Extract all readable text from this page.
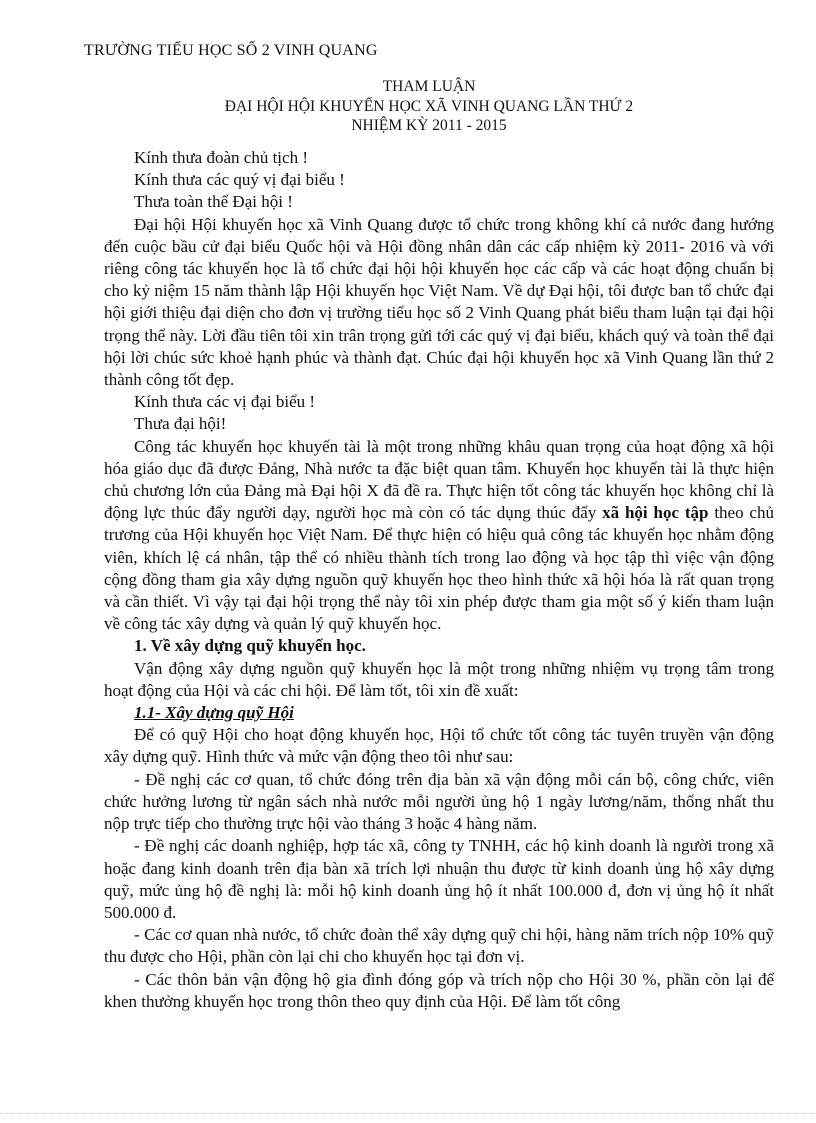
TRƯỜNG TIỂU HỌC SỐ 2 VINH QUANG
THAM LUẬN
ĐẠI HỘI HỘI KHUYẾN HỌC XÃ VINH QUANG LẦN THỨ 2
NHIỆM KỲ 2011 - 2015

Kính thưa đoàn chủ tịch !

Kính thưa các quý vị đại biểu !

Thưa toàn thể Đại hội !

Đại hội Hội khuyến học xã Vinh Quang được tổ chức trong không khí cả nước đang hướng đến cuộc bầu cử đại biểu Quốc hội và Hội đồng nhân dân các cấp nhiệm kỳ 2011- 2016 và với riêng công tác khuyến học là tổ chức đại hội hội khuyến học các cấp và các hoạt động chuẩn bị cho kỷ niệm 15 năm thành lập Hội khuyến học Việt Nam. Về dự Đại hội, tôi được ban tổ chức đại hội giới thiệu đại diện cho đơn vị trường tiểu học số 2 Vinh Quang phát biểu tham luận tại đại hội trọng thể này. Lời đầu tiên tôi xin trân trọng gửi tới các quý vị đại biểu, khách quý và toàn thể đại hội lời chúc sức khoẻ hạnh phúc và thành đạt. Chúc đại hội khuyến học xã Vinh Quang lần thứ 2 thành công tốt đẹp.

Kính thưa các vị đại biểu !

Thưa đại hội!

Công tác khuyến học khuyến tài là một trong những khâu quan trọng của hoạt động xã hội hóa giáo dục đã được Đảng, Nhà nước ta đặc biệt quan tâm. Khuyến học khuyến tài là thực hiện chủ chương lớn của Đảng mà Đại hội X đã đề ra. Thực hiện tốt công tác khuyến học không chỉ là động lực thúc đẩy người dạy, người học mà còn có tác dụng thúc đẩy xã hội học tập theo chủ trương của Hội khuyến học Việt Nam. Để thực hiện có hiệu quả công tác khuyến học nhằm động viên, khích lệ cá nhân, tập thể có nhiều thành tích trong lao động và học tập thì việc vận động cộng đồng tham gia xây dựng nguồn quỹ khuyến học theo hình thức xã hội hóa là rất quan trọng và cần thiết. Vì vậy tại đại hội trọng thể này tôi xin phép được tham gia một số ý kiến tham luận về công tác xây dựng và quản lý quỹ khuyến học.

1. Về xây dựng quỹ khuyến học.

Vận động xây dựng nguồn quỹ khuyến học là một trong những nhiệm vụ trọng tâm trong hoạt động của Hội và các chi hội. Để làm tốt, tôi xin đề xuất:

1.1- Xây dựng quỹ Hội

Để có quỹ Hội cho hoạt động khuyến học, Hội tổ chức tốt công tác tuyên truyền vận động xây dựng quỹ. Hình thức và mức vận động theo tôi như sau:

- Đề nghị các cơ quan, tổ chức đóng trên địa bàn xã vận động mỗi cán bộ, công chức, viên chức hưởng lương từ ngân sách nhà nước mỗi người ủng hộ 1 ngày lương/năm, thống nhất thu nộp trực tiếp cho thường trực hội vào tháng 3 hoặc 4 hàng năm.

- Đề nghị các doanh nghiệp, hợp tác xã, công ty TNHH, các hộ kinh doanh là người trong xã hoặc đang kinh doanh trên địa bàn xã trích lợi nhuận thu được từ kinh doanh ủng hộ xây dựng quỹ, mức ủng hộ đề nghị là: mỗi hộ kinh doanh ủng hộ ít nhất 100.000 đ, đơn vị ủng hộ ít nhất 500.000 đ.

- Các cơ quan nhà nước, tổ chức đoàn thể xây dựng quỹ chi hội, hàng năm trích nộp 10% quỹ thu được cho Hội, phần còn lại chi cho khuyến học tại đơn vị.

- Các thôn bản vận động hộ gia đình đóng góp và trích nộp cho Hội 30 %, phần còn lại để khen thưởng khuyến học trong thôn theo quy định của Hội. Để làm tốt công
